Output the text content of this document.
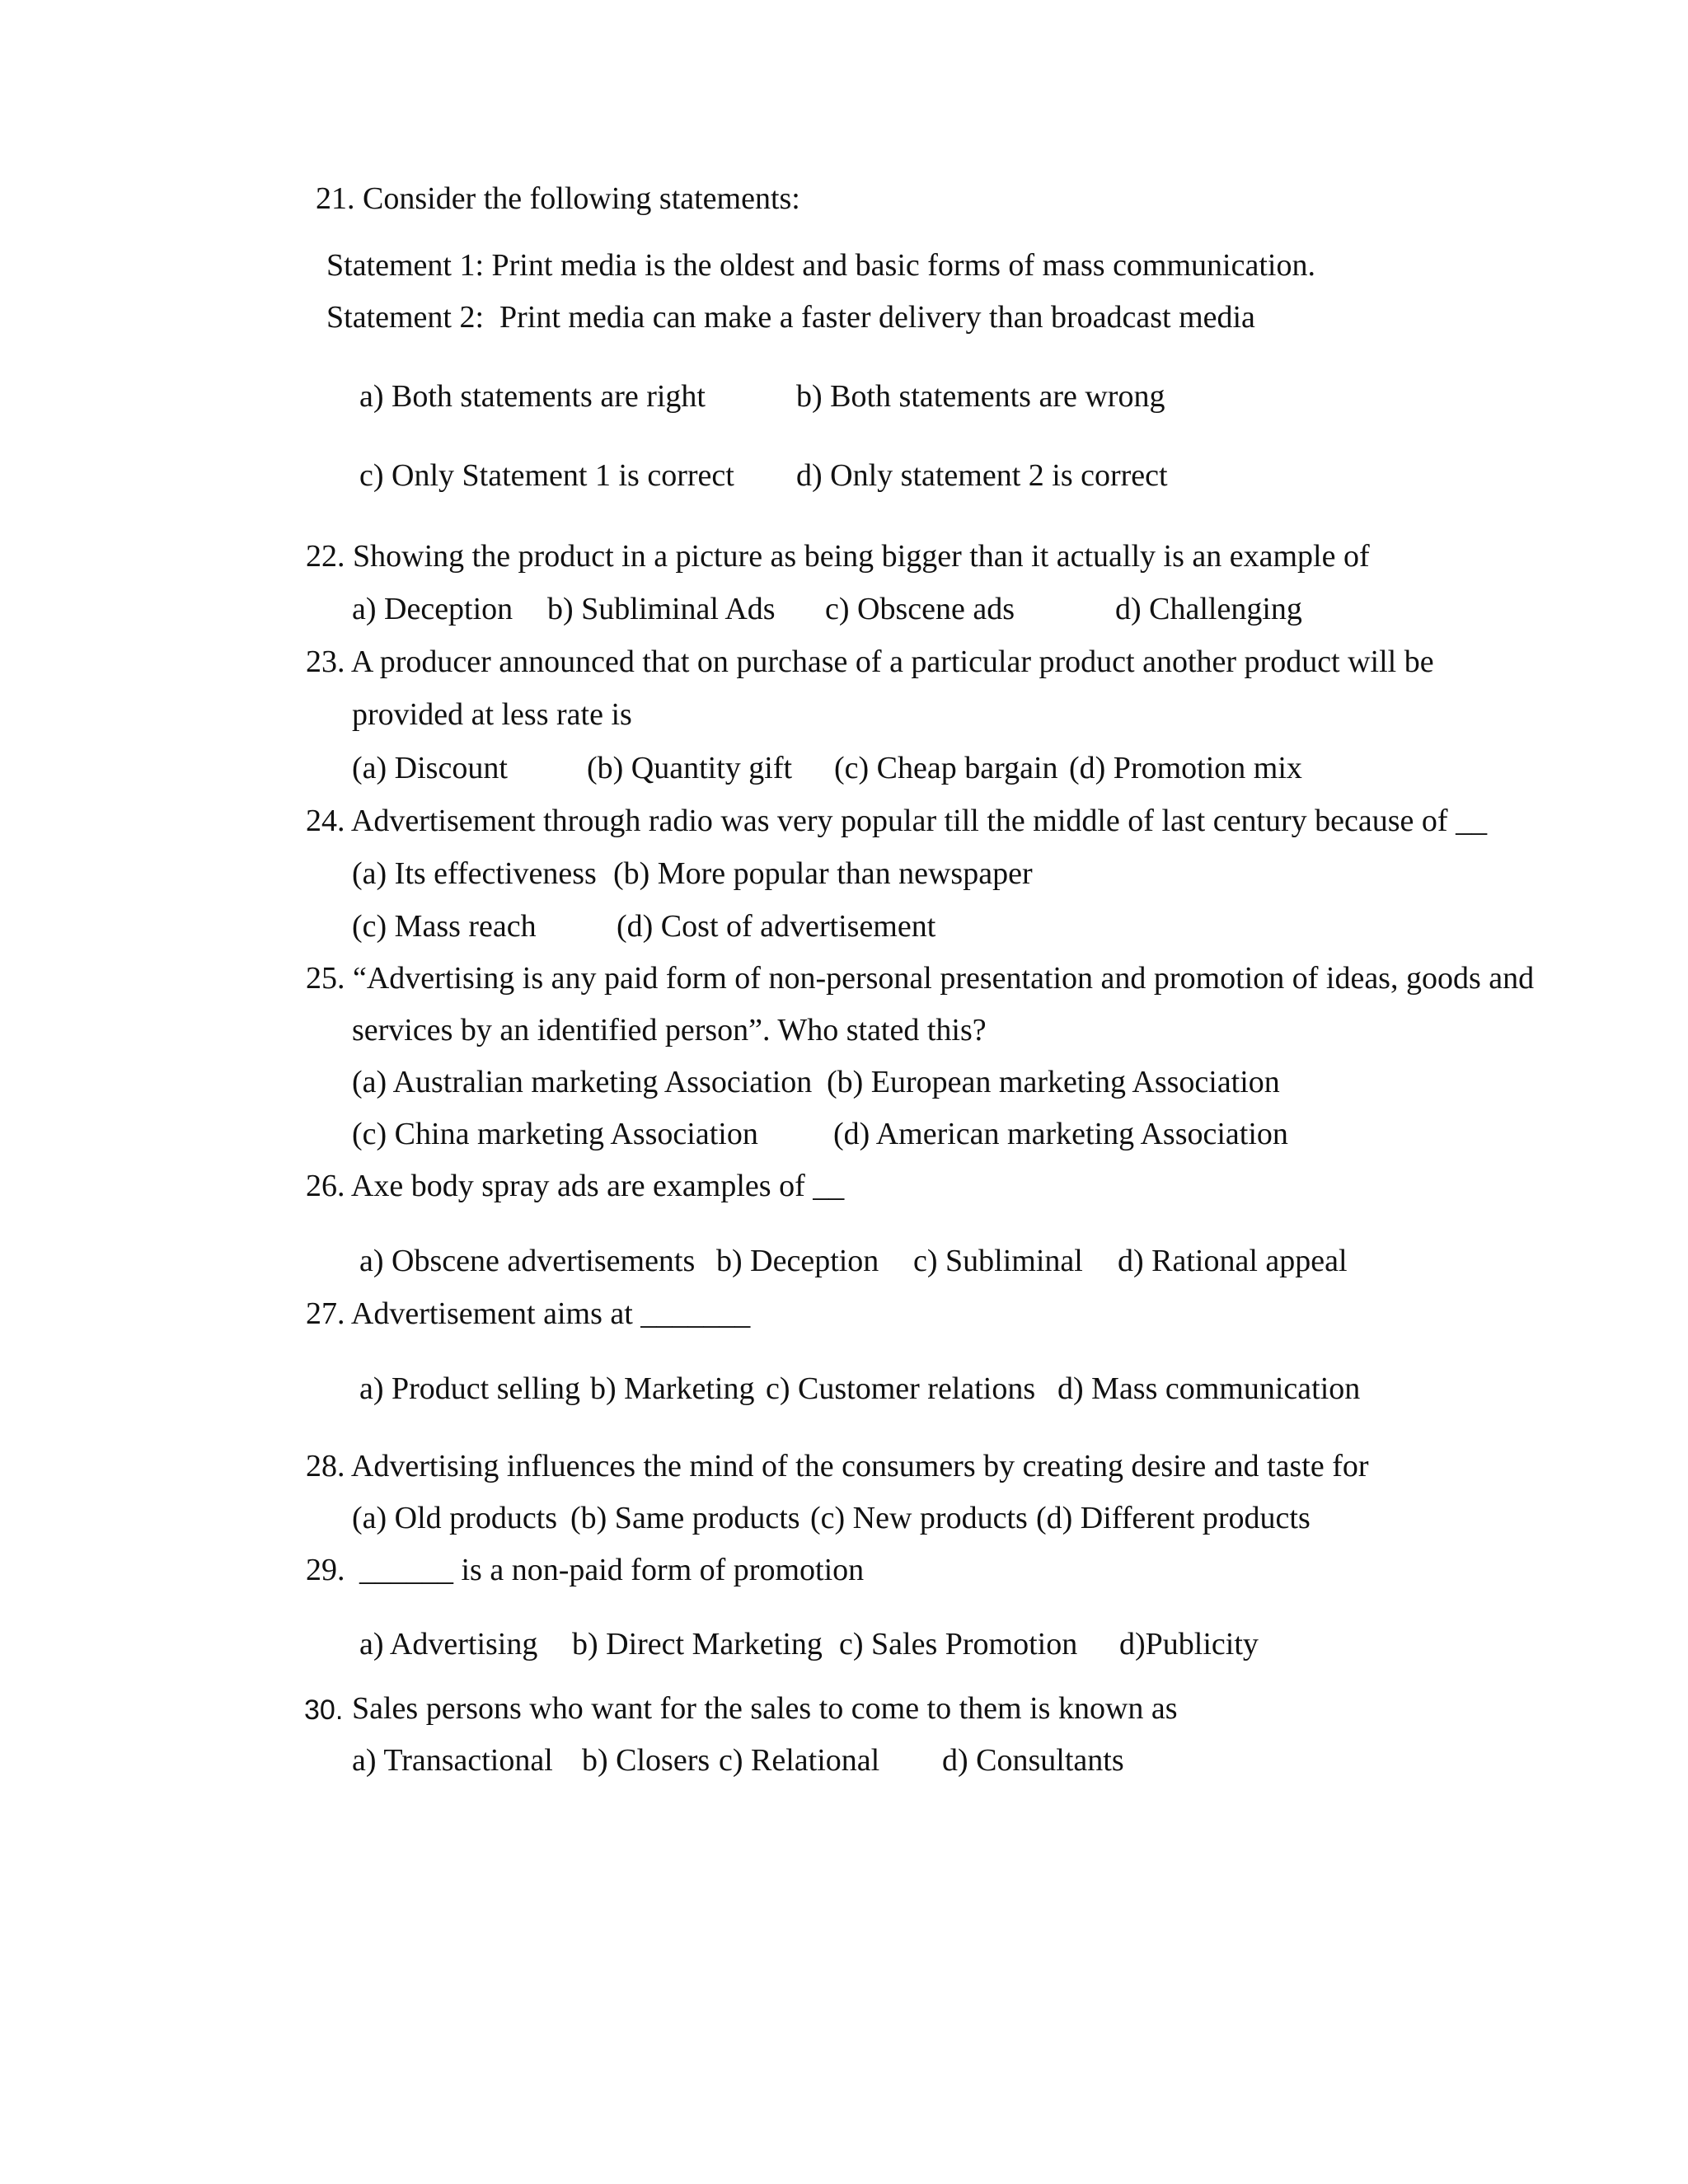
21. Consider the following statements:
Statement 1: Print media is the oldest and basic forms of mass communication.
Statement 2:  Print media can make a faster delivery than broadcast media
a) Both statements are right	b) Both statements are wrong
c) Only Statement 1 is correct d) Only statement 2 is correct
22. Showing the product in a picture as being bigger than it actually is an example of
a) Deception b) Subliminal Ads c) Obscene ads	d) Challenging
23. A producer announced that on purchase of a particular product another product will be
provided at less rate is
(a) Discount	(b) Quantity gift (c) Cheap bargain (d) Promotion mix
24. Advertisement through radio was very popular till the middle of last century because of __
(a) Its effectiveness (b) More popular than newspaper
(c) Mass reach	(d) Cost of advertisement
25. “Advertising is any paid form of non-personal presentation and promotion of ideas, goods and
services by an identified person”. Who stated this?
(a) Australian marketing Association (b) European marketing Association
(c) China marketing Association (d) American marketing Association
26. Axe body spray ads are examples of __
a) Obscene advertisements b) Deception c) Subliminal d) Rational appeal
27. Advertisement aims at _______
a) Product selling b) Marketing c) Customer relations d) Mass communication
28. Advertising influences the mind of the consumers by creating desire and taste for
(a) Old products (b) Same products (c) New products (d) Different products
29. ______ is a non-paid form of promotion
a) Advertising b) Direct Marketing c) Sales Promotion d)Publicity
30. Sales persons who want for the sales to come to them is known as
a) Transactional b) Closers c) Relational d) Consultants
